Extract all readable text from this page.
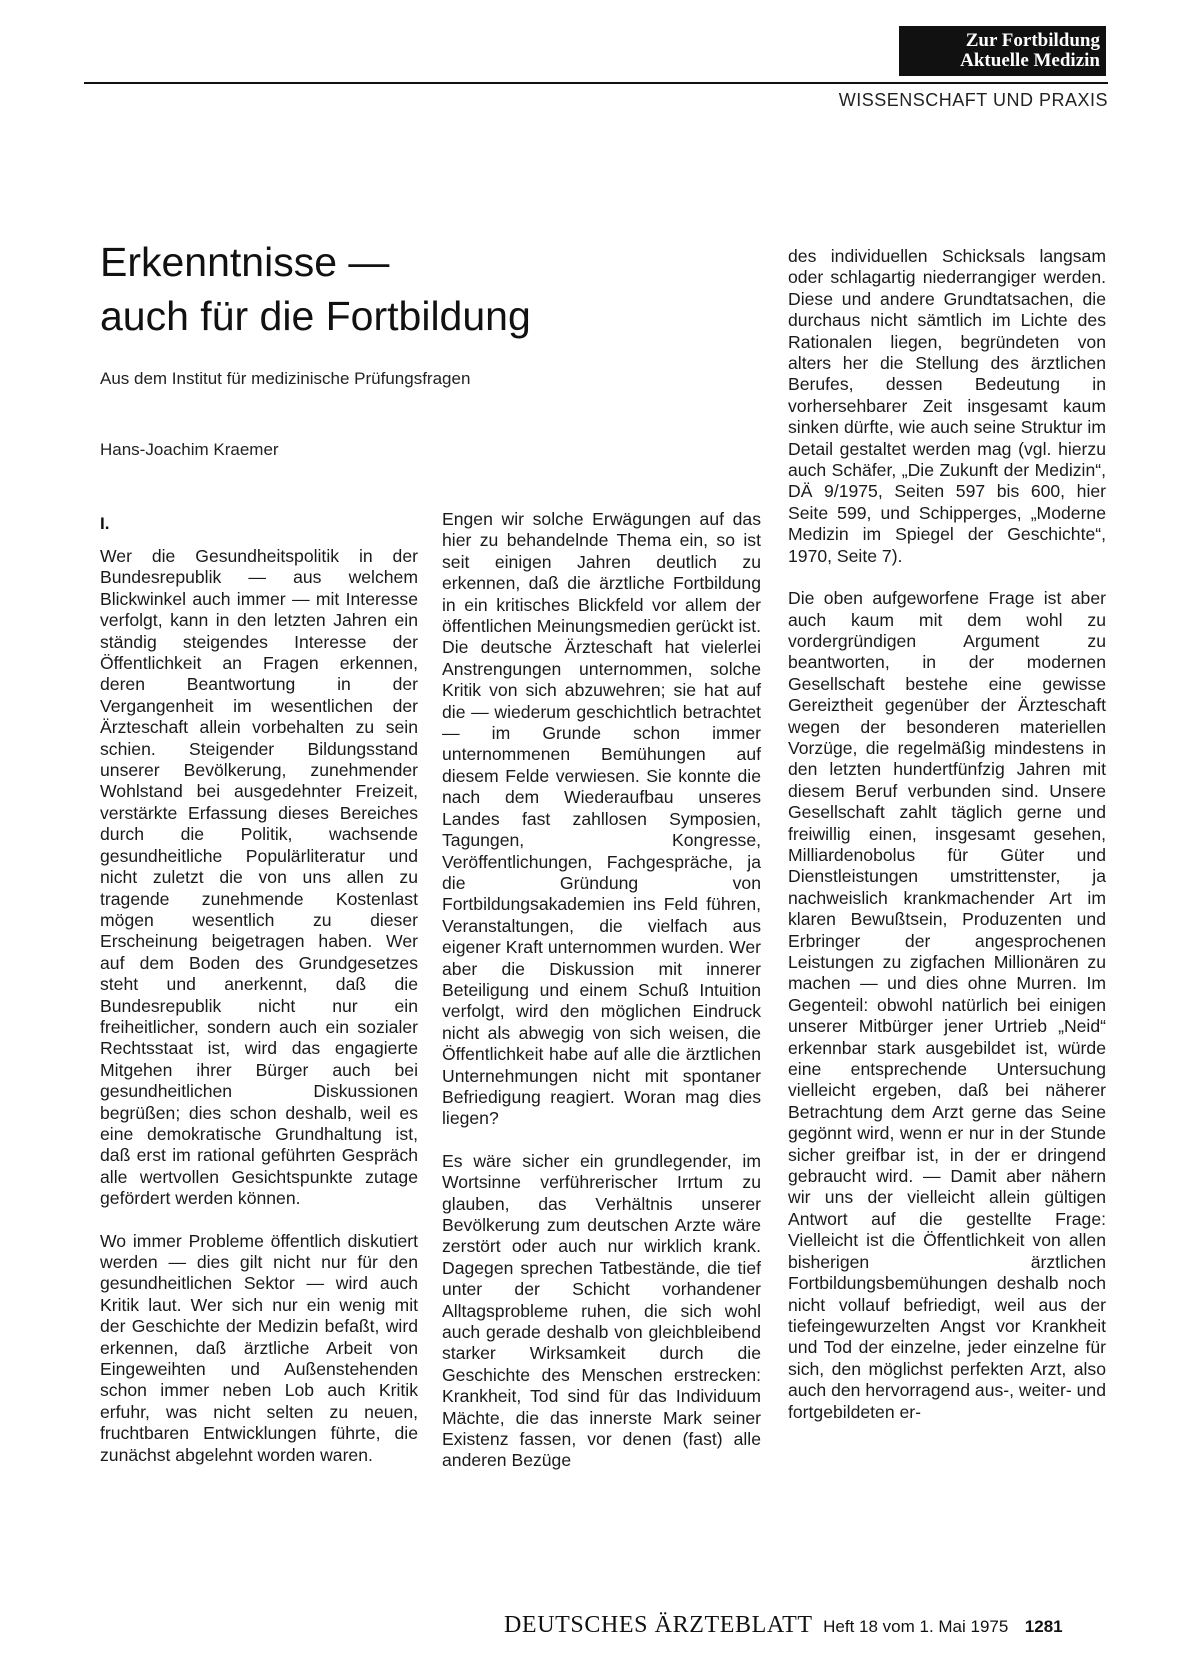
Zur Fortbildung
Aktuelle Medizin
WISSENSCHAFT UND PRAXIS
Erkenntnisse —
auch für die Fortbildung
Aus dem Institut für medizinische Prüfungsfragen
Hans-Joachim Kraemer
I.

Wer die Gesundheitspolitik in der Bundesrepublik — aus welchem Blickwinkel auch immer — mit Interesse verfolgt, kann in den letzten Jahren ein ständig steigendes Interesse der Öffentlichkeit an Fragen erkennen, deren Beantwortung in der Vergangenheit im wesentlichen der Ärzteschaft allein vorbehalten zu sein schien. Steigender Bildungsstand unserer Bevölkerung, zunehmender Wohlstand bei ausgedehnter Freizeit, verstärkte Erfassung dieses Bereiches durch die Politik, wachsende gesundheitliche Populärliteratur und nicht zuletzt die von uns allen zu tragende zunehmende Kostenlast mögen wesentlich zu dieser Erscheinung beigetragen haben. Wer auf dem Boden des Grundgesetzes steht und anerkennt, daß die Bundesrepublik nicht nur ein freiheitlicher, sondern auch ein sozialer Rechtsstaat ist, wird das engagierte Mitgehen ihrer Bürger auch bei gesundheitlichen Diskussionen begrüßen; dies schon deshalb, weil es eine demokratische Grundhaltung ist, daß erst im rational geführten Gespräch alle wertvollen Gesichtspunkte zutage gefördert werden können.

Wo immer Probleme öffentlich diskutiert werden — dies gilt nicht nur für den gesundheitlichen Sektor — wird auch Kritik laut. Wer sich nur ein wenig mit der Geschichte der Medizin befaßt, wird erkennen, daß ärztliche Arbeit von Eingeweihten und Außenstehenden schon immer neben Lob auch Kritik erfuhr, was nicht selten zu neuen, fruchtbaren Entwicklungen führte, die zunächst abgelehnt worden waren.

Engen wir solche Erwägungen auf das hier zu behandelnde Thema ein, so ist seit einigen Jahren deutlich zu erkennen, daß die ärztliche Fortbildung in ein kritisches Blickfeld vor allem der öffentlichen Meinungsmedien gerückt ist. Die deutsche Ärzteschaft hat vielerlei Anstrengungen unternommen, solche Kritik von sich abzuwehren; sie hat auf die — wiederum geschichtlich betrachtet — im Grunde schon immer unternommenen Bemühungen auf diesem Felde verwiesen. Sie konnte die nach dem Wiederaufbau unseres Landes fast zahllosen Symposien, Tagungen, Kongresse, Veröffentlichungen, Fachgespräche, ja die Gründung von Fortbildungsakademien ins Feld führen, Veranstaltungen, die vielfach aus eigener Kraft unternommen wurden. Wer aber die Diskussion mit innerer Beteiligung und einem Schuß Intuition verfolgt, wird den möglichen Eindruck nicht als abwegig von sich weisen, die Öffentlichkeit habe auf alle die ärztlichen Unternehmungen nicht mit spontaner Befriedigung reagiert. Woran mag dies liegen?

Es wäre sicher ein grundlegender, im Wortsinne verführerischer Irrtum zu glauben, das Verhältnis unserer Bevölkerung zum deutschen Arzte wäre zerstört oder auch nur wirklich krank. Dagegen sprechen Tatbestände, die tief unter der Schicht vorhandener Alltagsprobleme ruhen, die sich wohl auch gerade deshalb von gleichbleibend starker Wirksamkeit durch die Geschichte des Menschen erstrecken: Krankheit, Tod sind für das Individuum Mächte, die das innerste Mark seiner Existenz fassen, vor denen (fast) alle anderen Bezüge

des individuellen Schicksals langsam oder schlagartig niederrangiger werden. Diese und andere Grundtatsachen, die durchaus nicht sämtlich im Lichte des Rationalen liegen, begründeten von alters her die Stellung des ärztlichen Berufes, dessen Bedeutung in vorhersehbarer Zeit insgesamt kaum sinken dürfte, wie auch seine Struktur im Detail gestaltet werden mag (vgl. hierzu auch Schäfer, „Die Zukunft der Medizin“, DÄ 9/1975, Seiten 597 bis 600, hier Seite 599, und Schipperges, „Moderne Medizin im Spiegel der Geschichte“, 1970, Seite 7).

Die oben aufgeworfene Frage ist aber auch kaum mit dem wohl zu vordergründigen Argument zu beantworten, in der modernen Gesellschaft bestehe eine gewisse Gereiztheit gegenüber der Ärzteschaft wegen der besonderen materiellen Vorzüge, die regelmäßig mindestens in den letzten hundertfünfzig Jahren mit diesem Beruf verbunden sind. Unsere Gesellschaft zahlt täglich gerne und freiwillig einen, insgesamt gesehen, Milliardenobolus für Güter und Dienstleistungen umstrittenster, ja nachweislich krankmachender Art im klaren Bewußtsein, Produzenten und Erbringer der angesprochenen Leistungen zu zigfachen Millionären zu machen — und dies ohne Murren. Im Gegenteil: obwohl natürlich bei einigen unserer Mitbürger jener Urtrieb „Neid“ erkennbar stark ausgebildet ist, würde eine entsprechende Untersuchung vielleicht ergeben, daß bei näherer Betrachtung dem Arzt gerne das Seine gegönnt wird, wenn er nur in der Stunde sicher greifbar ist, in der er dringend gebraucht wird. — Damit aber nähern wir uns der vielleicht allein gültigen Antwort auf die gestellte Frage: Vielleicht ist die Öffentlichkeit von allen bisherigen ärztlichen Fortbildungsbemühungen deshalb noch nicht vollauf befriedigt, weil aus der tiefeingewurzelten Angst vor Krankheit und Tod der einzelne, jeder einzelne für sich, den möglichst perfekten Arzt, also auch den hervorragend aus-, weiter- und fortgebildeten er-

DEUTSCHES ÄRZTEBLATT Heft 18 vom 1. Mai 1975 1281
